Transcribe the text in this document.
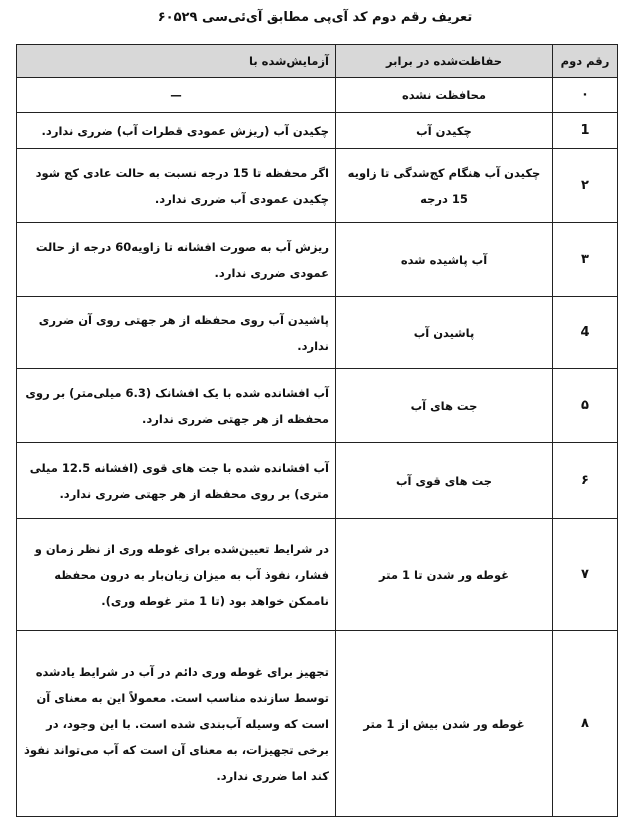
تعریف رقم دوم کد آی‌پی مطابق آی‌ئی‌سی ۶۰۵۲۹
رقم دوم	حفاظت‌شده در برابر	آزمایش‌شده با
۰	محافظت نشده	—
1	چکیدن آب	چکیدن آب (ریزش عمودی قطرات آب) ضرری ندارد.
۲	چکیدن آب هنگام کج‌شدگی تا زاویه 15 درجه	اگر محفظه تا 15 درجه نسبت به حالت عادی کج شود چکیدن عمودی آب ضرری ندارد.
۳	آب پاشیده شده	ریزش آب به صورت افشانه تا زاویه60 درجه از حالت عمودی ضرری ندارد.
4	پاشیدن آب	پاشیدن آب روی محفظه از هر جهتی روی آن ضرری ندارد.
۵	جت های آب	آب افشانده شده با یک افشانک (6.3 میلی‌متر) بر روی محفظه از هر جهتی ضرری ندارد.
۶	جت های قوی آب	آب افشانده شده با جت های قوی (افشانه 12.5 میلی متری) بر روی محفظه از هر جهتی ضرری ندارد.
۷	غوطه ور شدن تا 1 متر	در شرایط تعیین‌شده برای غوطه وری از نظر زمان و فشار، نفوذ آب به میزان زیان‌بار به درون محفظه ناممکن خواهد بود (تا 1 متر غوطه وری).
۸	غوطه ور شدن بیش از 1 متر	تجهیز برای غوطه وری دائم در آب در شرایط یادشده توسط سازنده مناسب است. معمولاً این به معنای آن است که وسیله آب‌بندی شده است. با این وجود، در برخی تجهیزات، به معنای آن است که آب می‌تواند نفوذ کند اما ضرری ندارد.
